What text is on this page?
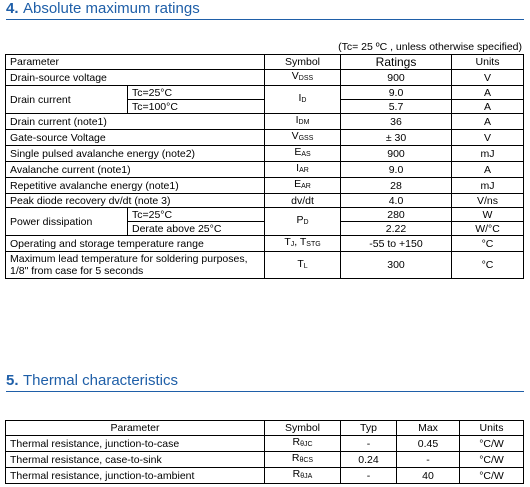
4. Absolute maximum ratings
(Tc= 25 ºC , unless otherwise specified)
Parameter		Symbol	Ratings	Units
Drain-source voltage		$V_{DSS}$	900	V
Drain current	Tc=25°C	$I_D$	9.0	A
	Tc=100°C		5.7	A
Drain current (note1)		$I_{DM}$	36	A
Gate-source Voltage		$V_{GSS}$	± 30	V
Single pulsed avalanche energy (note2)		$E_{AS}$	900	mJ
Avalanche current (note1)		$I_{AR}$	9.0	A
Repetitive avalanche energy (note1)		$E_{AR}$	28	mJ
Peak diode recovery dv/dt (note 3)		dv/dt	4.0	V/ns
Power dissipation	Tc=25°C	$P_D$	280	W
	Derate above 25°C		2.22	W/°C
Operating and storage temperature range		$T_J$, $T_{STG}$	-55 to +150	°C

Maximum lead temperature for soldering purposes,
1/8" from case for 5 seconds		$T_L$	300	°C
5. Thermal characteristics
Parameter	Symbol	Typ	Max	Units
Thermal resistance, junction-to-case	$R_{\theta JC}$	-	0.45	°C/W
Thermal resistance, case-to-sink	$R_{\theta CS}$	0.24	-	°C/W
Thermal resistance, junction-to-ambient	$R_{\theta JA}$	-	40	°C/W
